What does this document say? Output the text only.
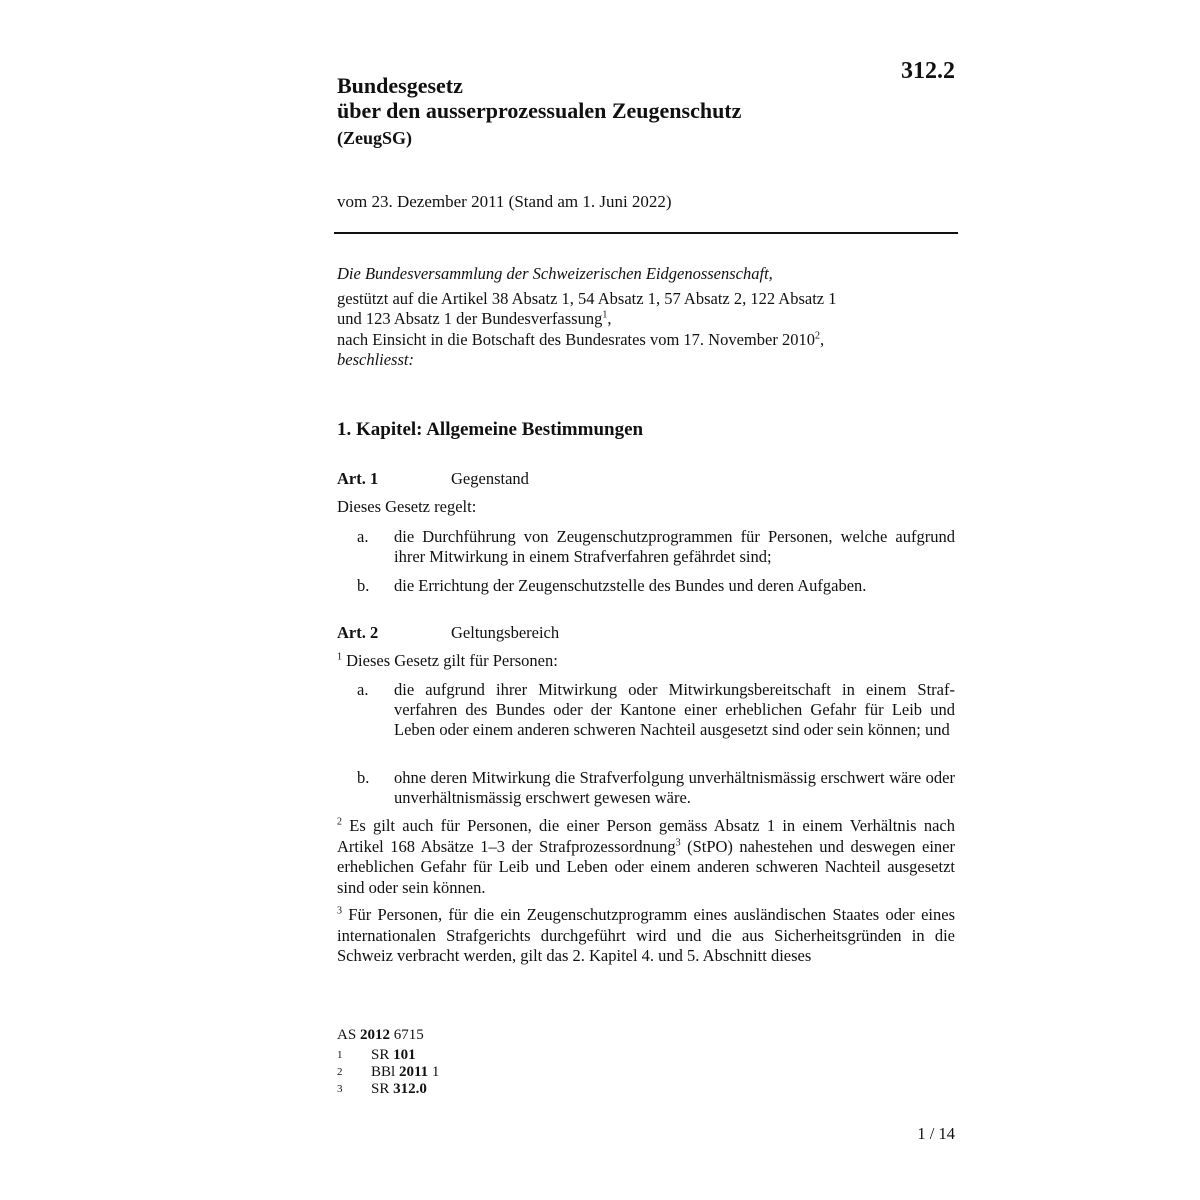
312.2
Bundesgesetz
über den ausserprozessualen Zeugenschutz
(ZeugSG)
vom 23. Dezember 2011 (Stand am 1. Juni 2022)
Die Bundesversammlung der Schweizerischen Eidgenossenschaft,
gestützt auf die Artikel 38 Absatz 1, 54 Absatz 1, 57 Absatz 2, 122 Absatz 1
und 123 Absatz 1 der Bundesverfassung$^1$,
nach Einsicht in die Botschaft des Bundesrates vom 17. November 2010$^2$,
beschliesst:
1. Kapitel: Allgemeine Bestimmungen
Art. 1	Gegenstand
Dieses Gesetz regelt:
a. die Durchführung von Zeugenschutzprogrammen für Personen, welche aufgrund ihrer Mitwirkung in einem Strafverfahren gefährdet sind;
b. die Errichtung der Zeugenschutzstelle des Bundes und deren Aufgaben.
Art. 2	Geltungsbereich
$^1$ Dieses Gesetz gilt für Personen:
a. die aufgrund ihrer Mitwirkung oder Mitwirkungsbereitschaft in einem Strafverfahren des Bundes oder der Kantone einer erheblichen Gefahr für Leib und Leben oder einem anderen schweren Nachteil ausgesetzt sind oder sein können; und
b. ohne deren Mitwirkung die Strafverfolgung unverhältnismässig erschwert wäre oder unverhältnismässig erschwert gewesen wäre.
$^2$ Es gilt auch für Personen, die einer Person gemäss Absatz 1 in einem Verhältnis nach Artikel 168 Absätze 1–3 der Strafprozessordnung$^3$ (StPO) nahestehen und deswegen einer erheblichen Gefahr für Leib und Leben oder einem anderen schweren Nachteil ausgesetzt sind oder sein können.
$^3$ Für Personen, für die ein Zeugenschutzprogramm eines ausländischen Staates oder eines internationalen Strafgerichts durchgeführt wird und die aus Sicherheitsgründen in die Schweiz verbracht werden, gilt das 2. Kapitel 4. und 5. Abschnitt dieses
AS 2012 6715
1 SR 101
2 BBl 2011 1
3 SR 312.0
1 / 14
